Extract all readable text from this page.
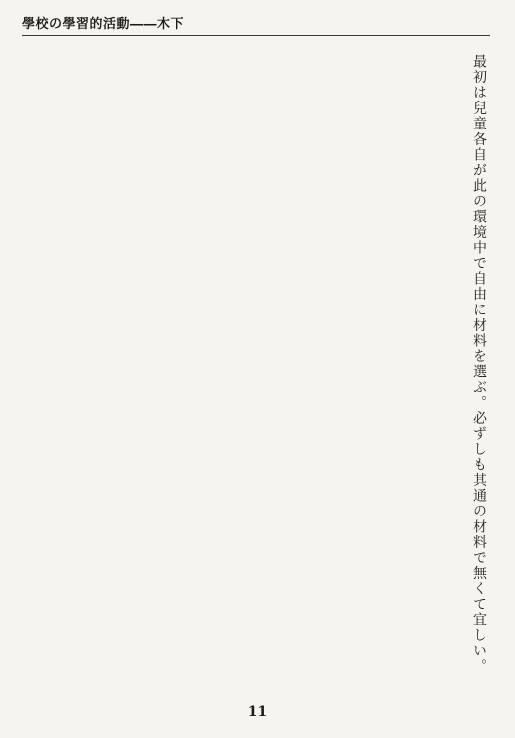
學校の學習的活動――木下
最初は兒童各自が此の環境中で自由に材料を選ぶ。必ずしも其通の材料で無くて宜しい。
11
